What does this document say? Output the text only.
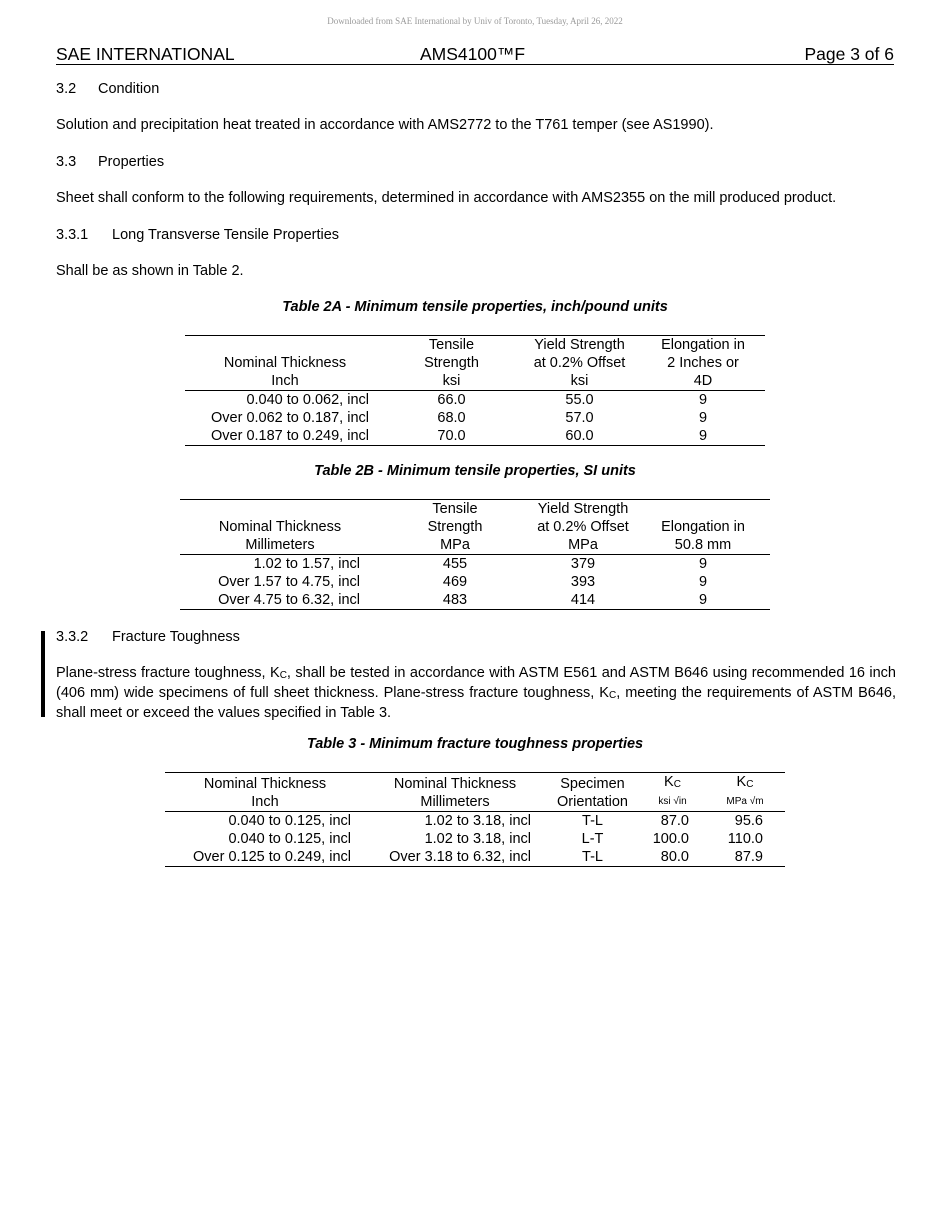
Downloaded from SAE International by Univ of Toronto, Tuesday, April 26, 2022
SAE INTERNATIONAL	AMS4100™F	Page 3 of 6
3.2 Condition
Solution and precipitation heat treated in accordance with AMS2772 to the T761 temper (see AS1990).
3.3 Properties
Sheet shall conform to the following requirements, determined in accordance with AMS2355 on the mill produced product.
3.3.1 Long Transverse Tensile Properties
Shall be as shown in Table 2.
Table 2A - Minimum tensile properties, inch/pound units
	Tensile	Yield Strength	Elongation in
Nominal Thickness	Strength	at 0.2% Offset	2 Inches or
Inch	ksi	ksi	4D
0.040 to 0.062, incl	66.0	55.0	9
Over 0.062 to 0.187, incl	68.0	57.0	9
Over 0.187 to 0.249, incl	70.0	60.0	9
Table 2B - Minimum tensile properties, SI units
	Tensile	Yield Strength	
Nominal Thickness	Strength	at 0.2% Offset	Elongation in
Millimeters	MPa	MPa	50.8 mm
1.02 to 1.57, incl	455	379	9
Over 1.57 to 4.75, incl	469	393	9
Over 4.75 to 6.32, incl	483	414	9
3.3.2 Fracture Toughness
Plane-stress fracture toughness, $K_C$, shall be tested in accordance with ASTM E561 and ASTM B646 using recommended 16 inch (406 mm) wide specimens of full sheet thickness. Plane-stress fracture toughness, $K_C$, meeting the requirements of ASTM B646, shall meet or exceed the values specified in Table 3.
Table 3 - Minimum fracture toughness properties
Nominal Thickness	Nominal Thickness	Specimen	$K_C$	$K_C$
Inch	Millimeters	Orientation	ksi √in	MPa √m
0.040 to 0.125, incl	1.02 to 3.18, incl	T-L	87.0	95.6
0.040 to 0.125, incl	1.02 to 3.18, incl	L-T	100.0	110.0
Over 0.125 to 0.249, incl	Over 3.18 to 6.32, incl	T-L	80.0	87.9
